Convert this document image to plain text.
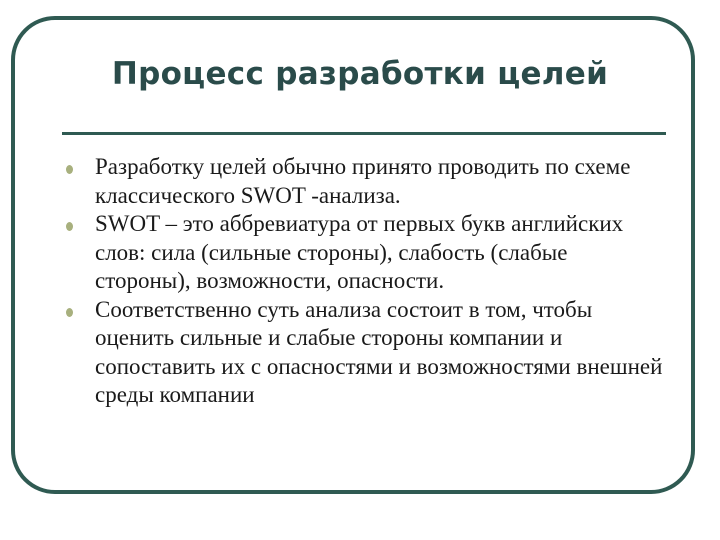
Процесс разработки целей
Разработку целей обычно принято проводить по схеме классического SWOT -анализа.
SWOT – это аббревиатура от первых букв английских слов: сила (сильные стороны), слабость (слабые стороны), возможности, опасности.
Соответственно суть анализа состоит в том, чтобы оценить сильные и слабые стороны компании и сопоставить их с опасностями и возможностями внешней среды компании
